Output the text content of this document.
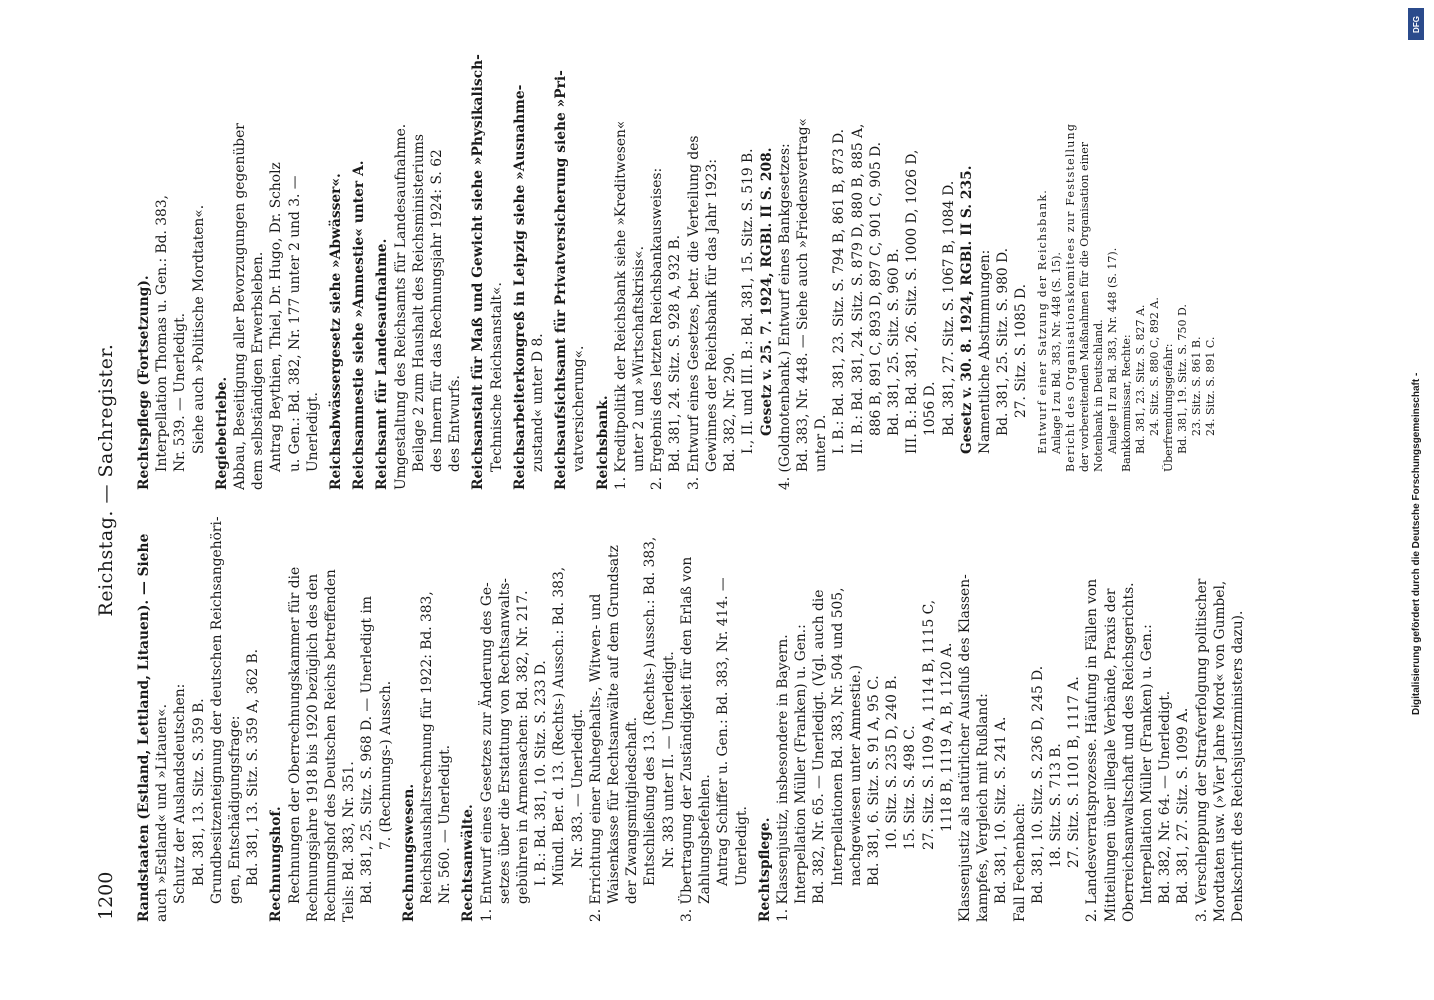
Reichstag. — Sachregister.
1200 Randstaaten (Estland, Lettland, Litauen). — Siehe auch »Estland« und »Litauen«. Schutz der Auslandsdeutschen: Bd. 381, 13. Sitz. S. 359 B. Grundbesitzenteignung der deutschen Reichsangehöri- gen, Entschädigungsfrage: Bd. 381, 13. Sitz. S. 359 A, 362 B. Rechnungshof. Rechnungen der Oberrechnungskammer für die Rechnungsjahre 1918 bis 1920 bezüglich des den Rechnungshof des Deutschen Reichs betreffenden Teils: Bd. 383, Nr. 351. Bd. 381, 25. Sitz. S. 968 D. — Unerledigt im 7. (Rechnungs-) Aussch.
Rechnungswesen. Reichshaushaltsrechnung für 1922: Bd. 383, Nr. 560. — Unerledigt. Rechtsanwälte. 1. Entwurf eines Gesetzes zur Änderung des Ge- setzes über die Erstattung von Rechtsanwalts- gebühren in Armensachen: Bd. 382, Nr. 217. I. B.: Bd. 381, 10. Sitz. S. 233 D. Mündl. Ber. d. 13. (Rechts-) Aussch.: Bd. 383, Nr. 383. — Unerledigt. 2. Errichtung einer Ruhegehalts-, Witwen- und Waisenkasse für Rechtsanwälte auf dem Grundsatz der Zwangsmitgliedschaft. Entschließung des 13. (Rechts-) Aussch.: Bd. 383, Nr. 383 unter II. — Unerledigt. 3. Übertragung der Zuständigkeit für den Erlaß von Zahlungsbefehlen. Antrag Schiffer u. Gen.: Bd. 383, Nr. 414. — Unerledigt. Rechtspflege. 1. Klassenjustiz, insbesondere in Bayern. Interpellation Müller (Franken) u. Gen.: Bd. 382, Nr. 65. — Unerledigt. (Vgl. auch die Interpellationen Bd. 383, Nr. 504 und 505, nachgewiesen unter Amnestie.) Bd. 381, 6. Sitz. S. 91 A, 95 C. 10. Sitz. S. 235 D, 240 B. 15. Sitz. S. 498 C. 27. Sitz. S. 1109 A, 1114 B, 1115 C, 1118 B, 1119 A, B, 1120 A. Klassenjustiz als natürlicher Ausfluß des Klassen- kampfes, Vergleich mit Rußland: Bd. 381, 10. Sitz. S. 241 A. Fall Fechenbach: Bd. 381, 10. Sitz. S. 236 D, 245 D. 18. Sitz. S. 713 B. 27. Sitz. S. 1101 B, 1117 A. 2. Landesverratsprozesse. Häufung in Fällen von Mitteilungen über illegale Verbände, Praxis der Oberreichsanwaltschaft und des Reichsgerichts. Interpellation Müller (Franken) u. Gen.: Bd. 382, Nr. 64. — Unerledigt. Bd. 381, 27. Sitz. S. 1099 A. 3. Verschleppung der Strafverfolgung politischer Mordtaten usw. (»Vier Jahre Mord« von Gumbel, Denkschrift des Reichsjustizministers dazu).
Rechtspflege (Fortsetzung). Interpellation Thomas u. Gen.: Bd. 383, Nr. 539. — Unerledigt. Siehe auch »Politische Mordtaten«. Regiebetriebe. Abbau, Beseitigung aller Bevorzugungen gegenüber dem selbständigen Erwerbsleben. Antrag Beythien, Thiel, Dr. Hugo, Dr. Scholz u. Gen.: Bd. 382, Nr. 177 unter 2 und 3. — Unerledigt. Reichsabwässergesetz siehe »Abwässer«. Reichsamnestie siehe »Amnestie« unter A. Reichsamt für Landesaufnahme. Umgestaltung des Reichsamts für Landesaufnahme. Beilage 2 zum Haushalt des Reichsministeriums des Innern für das Rechnungsjahr 1924: S. 62 des Entwurfs. Reichsanstalt für Maß und Gewicht siehe »Physikalisch- Technische Reichsanstalt«. Reichsarbeiterkongreß in Leipzig siehe »Ausnahme- zustand« unter D 8. Reichsaufsichtsamt für Privatversicherung siehe »Pri- vatversicherung«. Reichsbank. 1. Kreditpolitik der Reichsbank siehe »Kreditwesen« unter 2 und »Wirtschaftskrisis«. 2. Ergebnis des letzten Reichsbankausweises: Bd. 381, 24. Sitz. S. 928 A, 932 B. 3. Entwurf eines Gesetzes, betr. die Verteilung des Gewinnes der Reichsbank für das Jahr 1923: Bd. 382, Nr. 290. I., II. und III. B.: Bd. 381, 15. Sitz. S. 519 B. Gesetz v. 25. 7. 1924, RGBl. II S. 208. 4. (Goldnotenbank.) Entwurf eines Bankgesetzes: Bd. 383, Nr. 448. — Siehe auch »Friedensvertrag« unter D. I. B.: Bd. 381, 23. Sitz. S. 794 B, 861 B, 873 D. II. B.: Bd. 381, 24. Sitz. S. 879 D, 880 B, 885 A, 886 B, 891 C, 893 D, 897 C, 901 C, 905 D. Bd. 381, 25. Sitz. S. 960 B. III. B.: Bd. 381, 26. Sitz. S. 1000 D, 1026 D, 1056 D. Bd. 381, 27. Sitz. S. 1067 B, 1084 D. Gesetz v. 30. 8. 1924, RGBl. II S. 235. Namentliche Abstimmungen: Bd. 381, 25. Sitz. S. 980 D. 27. Sitz. S. 1085 D. Entwurf einer Satzung der Reichsbank. Anlage I zu Bd. 383, Nr. 448 (S. 15). Bericht des Organisationskomitees zur Feststellung der vorbereitenden Maßnahmen für die Organisation einer Notenbank in Deutschland. Anlage II zu Bd. 383, Nr. 448 (S. 17). Bankkommissar, Rechte: Bd. 381, 23. Sitz. S. 827 A. 24. Sitz. S. 880 C, 892 A. Überfremdungsgefahr: Bd. 381, 19. Sitz. S. 750 D. 23. Sitz. S. 861 B. 24. Sitz. S. 891 C.
DFG
Digitalisierung gefördert durch die Deutsche Forschungsgemeinschaft -
